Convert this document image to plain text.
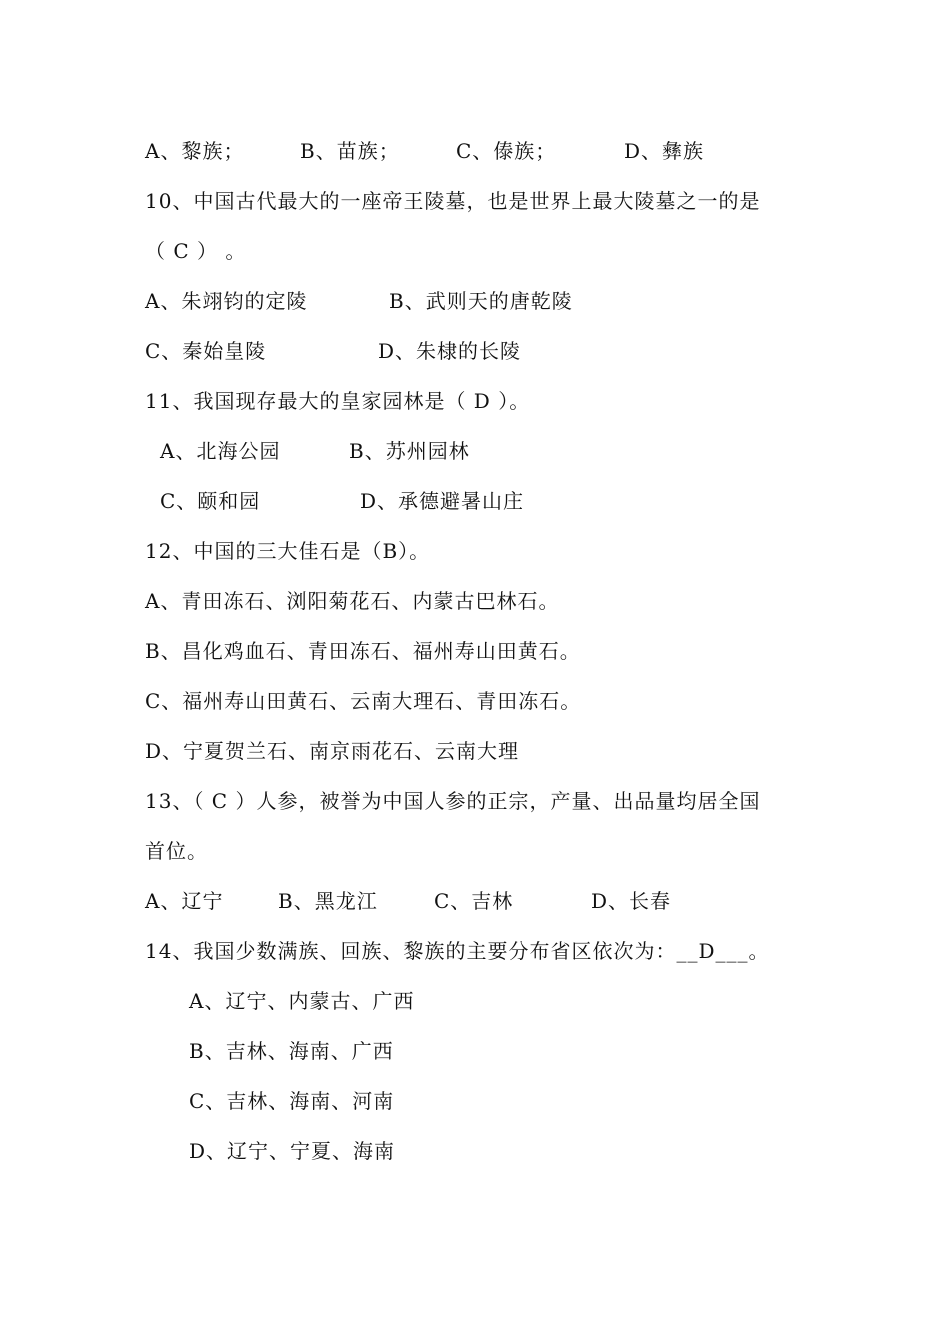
A、黎族；	B、苗族；	C、傣族；	D、彝族
10、中国古代最大的一座帝王陵墓，也是世界上最大陵墓之一的是
（ C ） 。
A、朱翊钧的定陵	B、武则天的唐乾陵
C、秦始皇陵	D、朱棣的长陵
11、我国现存最大的皇家园林是（ D ）。
A、北海公园	B、苏州园林
C、颐和园	D、承德避暑山庄
12、中国的三大佳石是（B）。
A、青田冻石、浏阳菊花石、内蒙古巴林石。
B、昌化鸡血石、青田冻石、福州寿山田黄石。
C、福州寿山田黄石、云南大理石、青田冻石。
D、宁夏贺兰石、南京雨花石、云南大理
13、（ C ）人参，被誉为中国人参的正宗，产量、出品量均居全国
首位。
A、辽宁	B、黑龙江	C、吉林	D、长春
14、我国少数满族、回族、黎族的主要分布省区依次为：__D___。
A、辽宁、内蒙古、广西
B、吉林、海南、广西
C、吉林、海南、河南
D、辽宁、宁夏、海南
